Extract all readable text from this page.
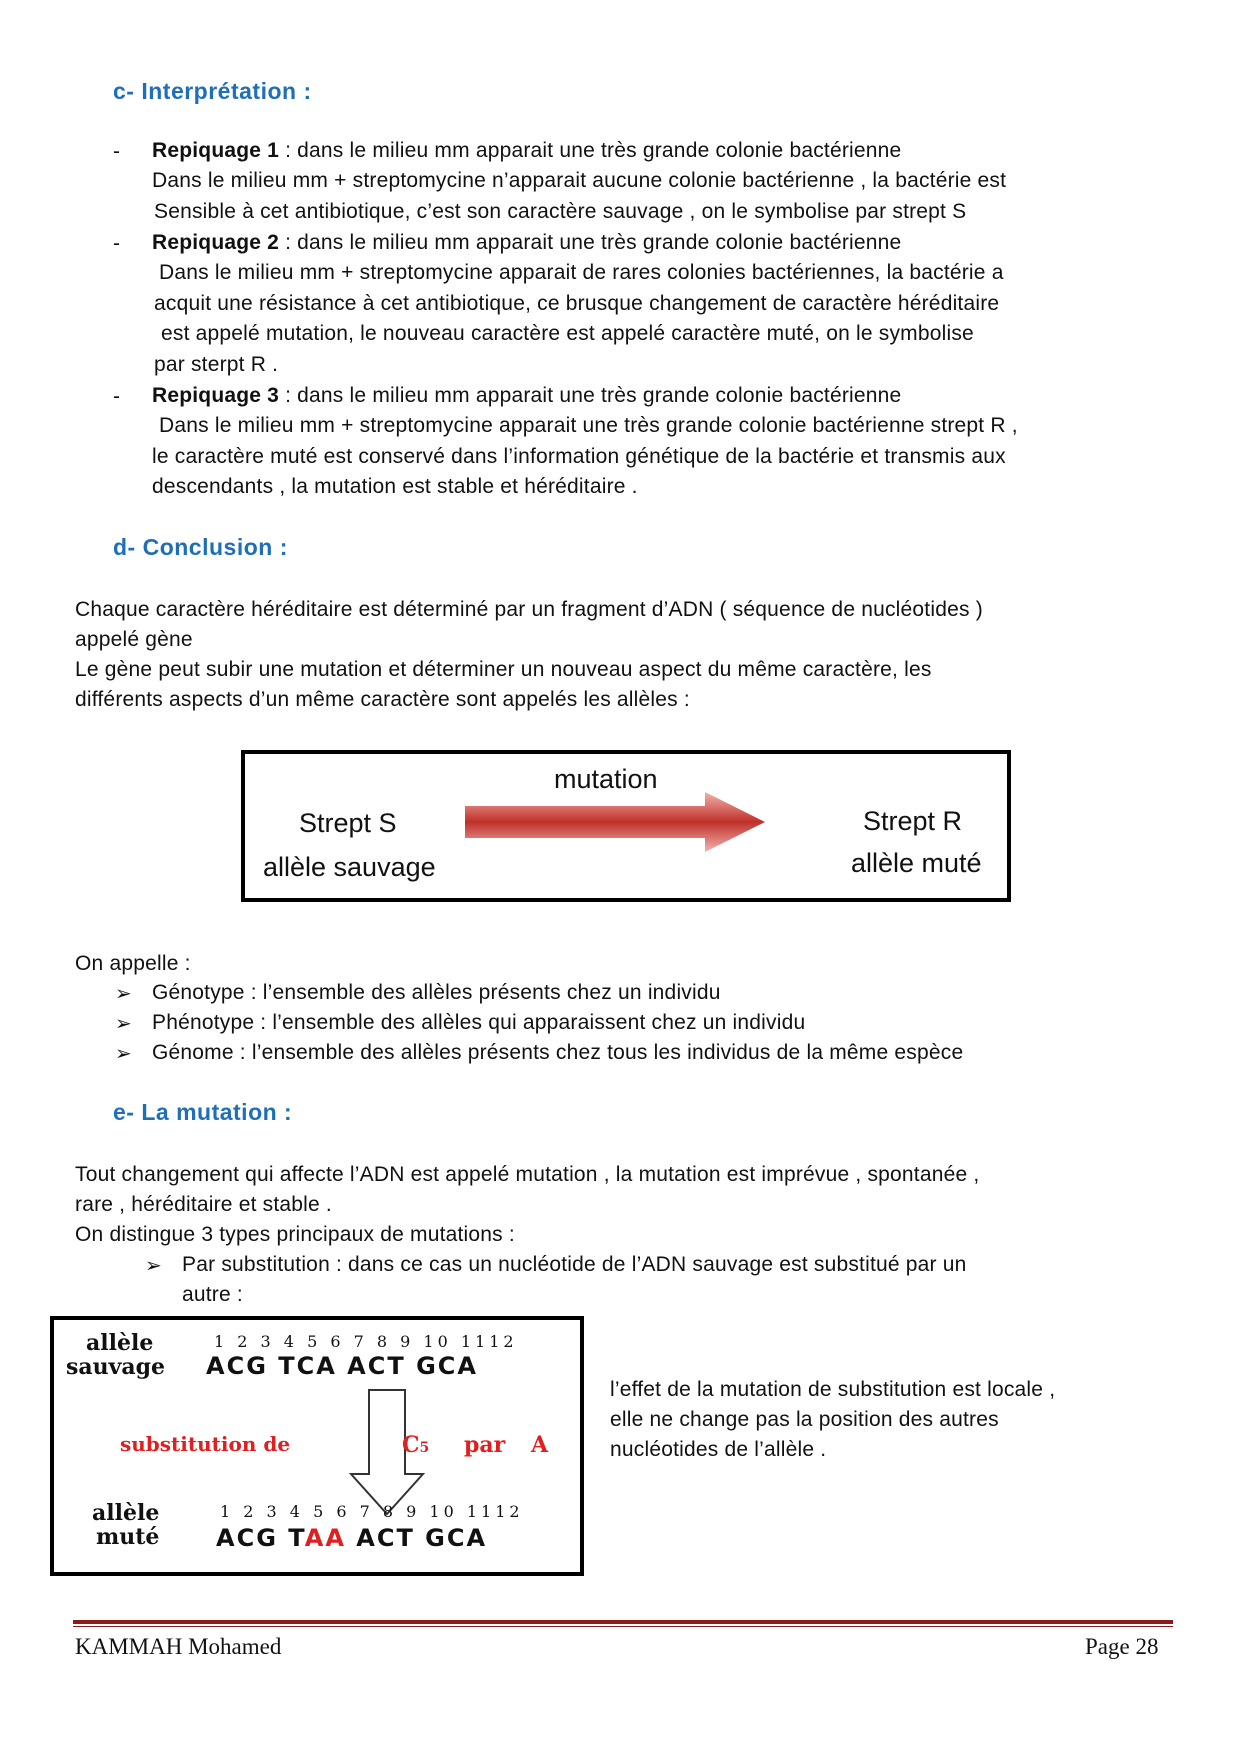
c- Interprétation :
- Repiquage 1 : dans le milieu mm apparait une très grande colonie bactérienne
Dans le milieu mm + streptomycine n’apparait aucune colonie bactérienne , la bactérie est
Sensible à cet antibiotique, c’est son caractère sauvage , on le symbolise par strept S
- Repiquage 2 : dans le milieu mm apparait une très grande colonie bactérienne
Dans le milieu mm + streptomycine apparait de rares colonies bactériennes, la bactérie a
acquit une résistance à cet antibiotique, ce brusque changement de caractère héréditaire
est appelé mutation, le nouveau caractère est appelé caractère muté, on le symbolise
par sterpt R .
- Repiquage 3 : dans le milieu mm apparait une très grande colonie bactérienne
Dans le milieu mm + streptomycine apparait une très grande colonie bactérienne strept R ,
le caractère muté est conservé dans l’information génétique de la bactérie et transmis aux
descendants , la mutation est stable et héréditaire .
d- Conclusion :
Chaque caractère héréditaire est déterminé par un fragment d’ADN ( séquence de nucléotides )
appelé gène
Le gène peut subir une mutation et déterminer un nouveau aspect du même caractère, les
différents aspects d’un même caractère sont appelés les allèles :
mutation
Strept S
allèle sauvage
Strept R
allèle muté
On appelle :
➢ Génotype : l’ensemble des allèles présents chez un individu
➢ Phénotype : l’ensemble des allèles qui apparaissent chez un individu
➢ Génome : l’ensemble des allèles présents chez tous les individus de la même espèce
e- La mutation :
Tout changement qui affecte l’ADN est appelé mutation , la mutation est imprévue , spontanée ,
rare , héréditaire et stable .
On distingue 3 types principaux de mutations :
➢ Par substitution : dans ce cas un nucléotide de l’ADN sauvage est substitué par un
autre :
allèle
sauvage
1 2 3 4 5 6 7 8 9 10 1112
ACG TCA ACT GCA
substitution de	C5 par A
allèle
muté
1 2 3 4 5 6 7 8 9 10 1112
ACG TAA ACT GCA
l’effet de la mutation de substitution est locale ,
elle ne change pas la position des autres
nucléotides de l’allèle .
KAMMAH Mohamed	Page 28
